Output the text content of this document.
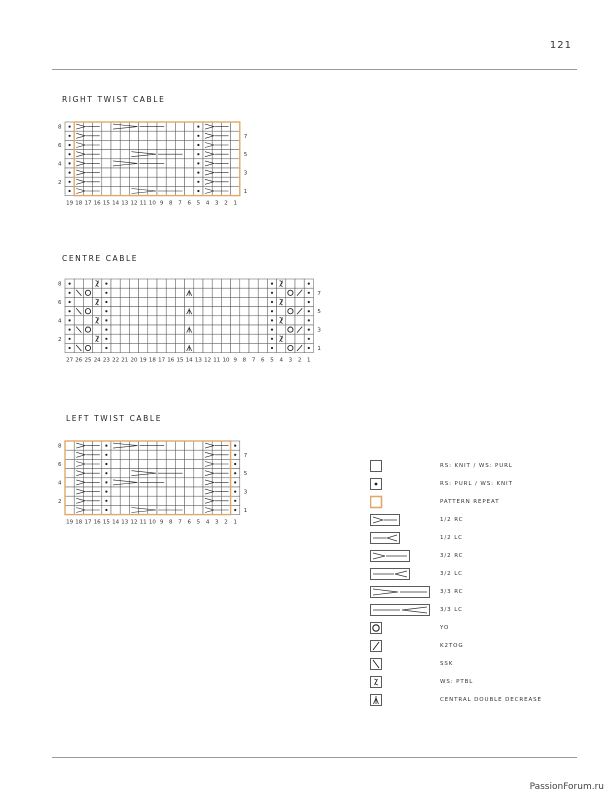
121
RIGHT TWIST CABLE
7
5
3
1
8
6
4
2
19 18 17 16 15 14 13 12 11 10 9 8 7 6 5 4 3 2 1
CENTRE CABLE
7
5
3
1
8
6
4
2
27 26 25 24 23 22 21 20 19 18 17 16 15 14 13 12 11 10 9 8 7 6 5 4 3 2 1
LEFT TWIST CABLE
7
5
3
1
8
6
4
2
19 18 17 16 15 14 13 12 11 10 9 8 7 6 5 4 3 2 1
RS: KNIT / WS: PURL
RS: PURL / WS: KNIT
PATTERN REPEAT
1/2 RC
1/2 LC
3/2 RC
3/2 LC
3/3 RC
3/3 LC
YO
K2TOG
SSK
WS: PTBL
CENTRAL DOUBLE DECREASE
PassionForum.ru
